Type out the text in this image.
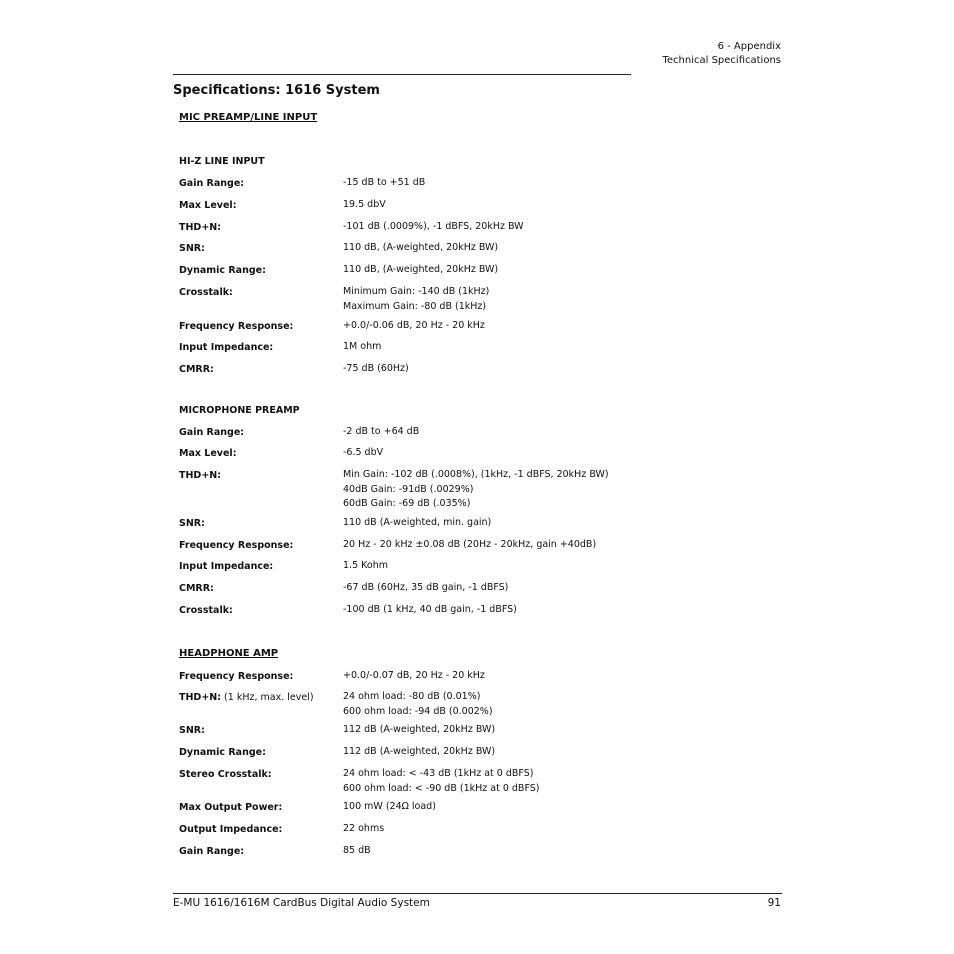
6 - Appendix
Technical Specifications
Specifications: 1616 System
MIC PREAMP/LINE INPUT
HI-Z LINE INPUT
Gain Range:	-15 dB to +51 dB
Max Level:	19.5 dbV
THD+N:	-101 dB (.0009%), -1 dBFS, 20kHz BW
SNR:	110 dB, (A-weighted, 20kHz BW)
Dynamic Range:	110 dB, (A-weighted, 20kHz BW)
Crosstalk:	Minimum Gain: -140 dB (1kHz)
Maximum Gain: -80 dB (1kHz)
Frequency Response:	+0.0/-0.06 dB, 20 Hz - 20 kHz
Input Impedance:	1M ohm
CMRR:	-75 dB (60Hz)
MICROPHONE PREAMP
Gain Range:	-2 dB to +64 dB
Max Level:	-6.5 dbV
THD+N:	Min Gain: -102 dB (.0008%), (1kHz, -1 dBFS, 20kHz BW)
40dB Gain: -91dB (.0029%)
60dB Gain: -69 dB (.035%)
SNR:	110 dB (A-weighted, min. gain)
Frequency Response:	20 Hz - 20 kHz ±0.08 dB (20Hz - 20kHz, gain +40dB)
Input Impedance:	1.5 Kohm
CMRR:	-67 dB (60Hz, 35 dB gain, -1 dBFS)
Crosstalk:	-100 dB (1 kHz, 40 dB gain, -1 dBFS)
HEADPHONE AMP
Frequency Response:	+0.0/-0.07 dB, 20 Hz - 20 kHz
THD+N: (1 kHz, max. level)	24 ohm load: -80 dB (0.01%)
600 ohm load: -94 dB (0.002%)
SNR:	112 dB (A-weighted, 20kHz BW)
Dynamic Range:	112 dB (A-weighted, 20kHz BW)
Stereo Crosstalk:	24 ohm load: < -43 dB (1kHz at 0 dBFS)
600 ohm load: < -90 dB (1kHz at 0 dBFS)
Max Output Power:	100 mW (24Ω load)
Output Impedance:	22 ohms
Gain Range:	85 dB
E-MU 1616/1616M CardBus Digital Audio System	91
